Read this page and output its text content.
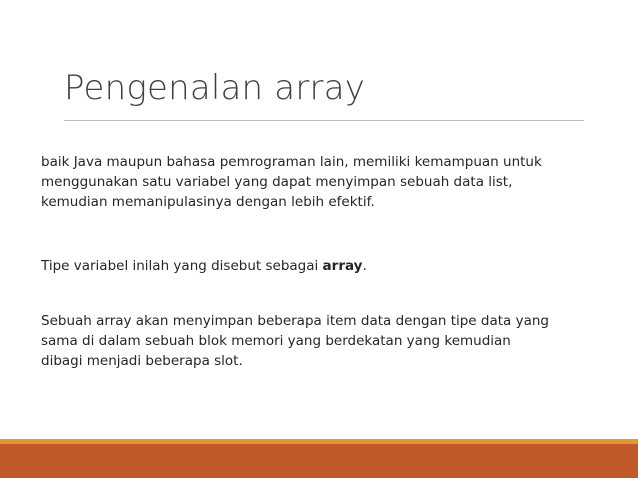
Pengenalan array

baik Java maupun bahasa pemrograman lain, memiliki kemampuan untuk
menggunakan satu variabel yang dapat menyimpan sebuah data list,
kemudian memanipulasinya dengan lebih efektif.

Tipe variabel inilah yang disebut sebagai array.

Sebuah array akan menyimpan beberapa item data dengan tipe data yang
sama di dalam sebuah blok memori yang berdekatan yang kemudian
dibagi menjadi beberapa slot.
